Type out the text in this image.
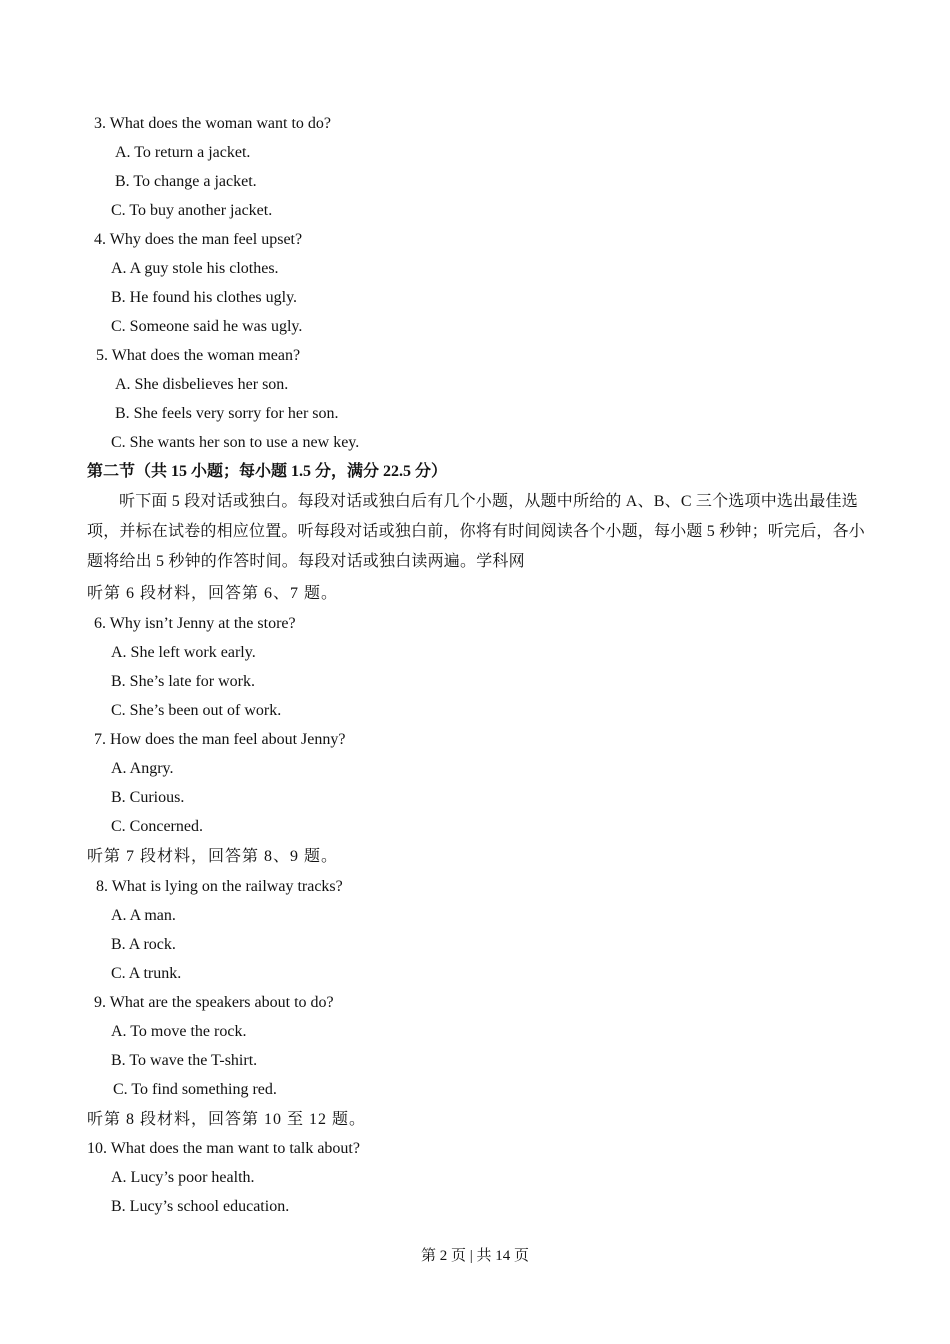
3. What does the woman want to do?
A. To return a jacket.
B. To change a jacket.
C. To buy another jacket.
4. Why does the man feel upset?
A. A guy stole his clothes.
B. He found his clothes ugly.
C. Someone said he was ugly.
5. What does the woman mean?
A. She disbelieves her son.
B. She feels very sorry for her son.
C. She wants her son to use a new key.
第二节（共 15 小题；每小题 1.5 分，满分 22.5 分）
听下面 5 段对话或独白。每段对话或独白后有几个小题，从题中所给的 A、B、C 三个选项中选出最佳选项，并标在试卷的相应位置。听每段对话或独白前，你将有时间阅读各个小题，每小题 5 秒钟；听完后，各小题将给出 5 秒钟的作答时间。每段对话或独白读两遍。学科网
听第 6 段材料，回答第 6、7 题。
6. Why isn’t Jenny at the store?
A. She left work early.
B. She’s late for work.
C. She’s been out of work.
7. How does the man feel about Jenny?
A. Angry.
B. Curious.
C. Concerned.
听第 7 段材料，回答第 8、9 题。
8. What is lying on the railway tracks?
A. A man.
B. A rock.
C. A trunk.
9. What are the speakers about to do?
A. To move the rock.
B. To wave the T-shirt.
C. To find something red.
听第 8 段材料，回答第 10 至 12 题。
10. What does the man want to talk about?
A. Lucy’s poor health.
B. Lucy’s school education.
第 2 页 | 共 14 页
